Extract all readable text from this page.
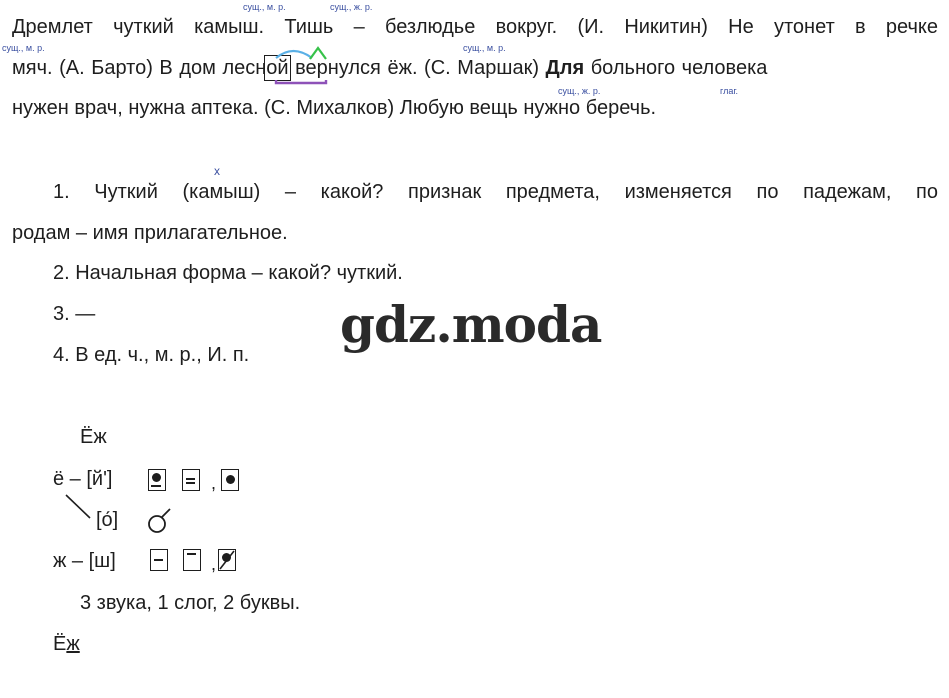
Дремлет чуткий камыш. Тишь – безлюдье вокруг. (И. Никитин) Не утонет в речке
сущ., м. р.	сущ., ж. р.
сущ., м. р.	сущ., м. р.
сущ., ж. р.	глаг.
х
мяч. (А. Барто) В дом лесной вернулся ёж. (С. Маршак) Для больного человека
нужен врач, нужна аптека. (С. Михалков) Любую вещь нужно беречь.
1. Чуткий (камыш) – какой? признак предмета, изменяется по падежам, по
родам – имя прилагательное.
2. Начальная форма – какой? чуткий.
3. —
4. В ед. ч., м. р., И. п.
gdz.moda
Ёж
ё – [й']	,
[о́]
ж – [ш]	,
3 звука, 1 слог, 2 буквы.
Ёж
